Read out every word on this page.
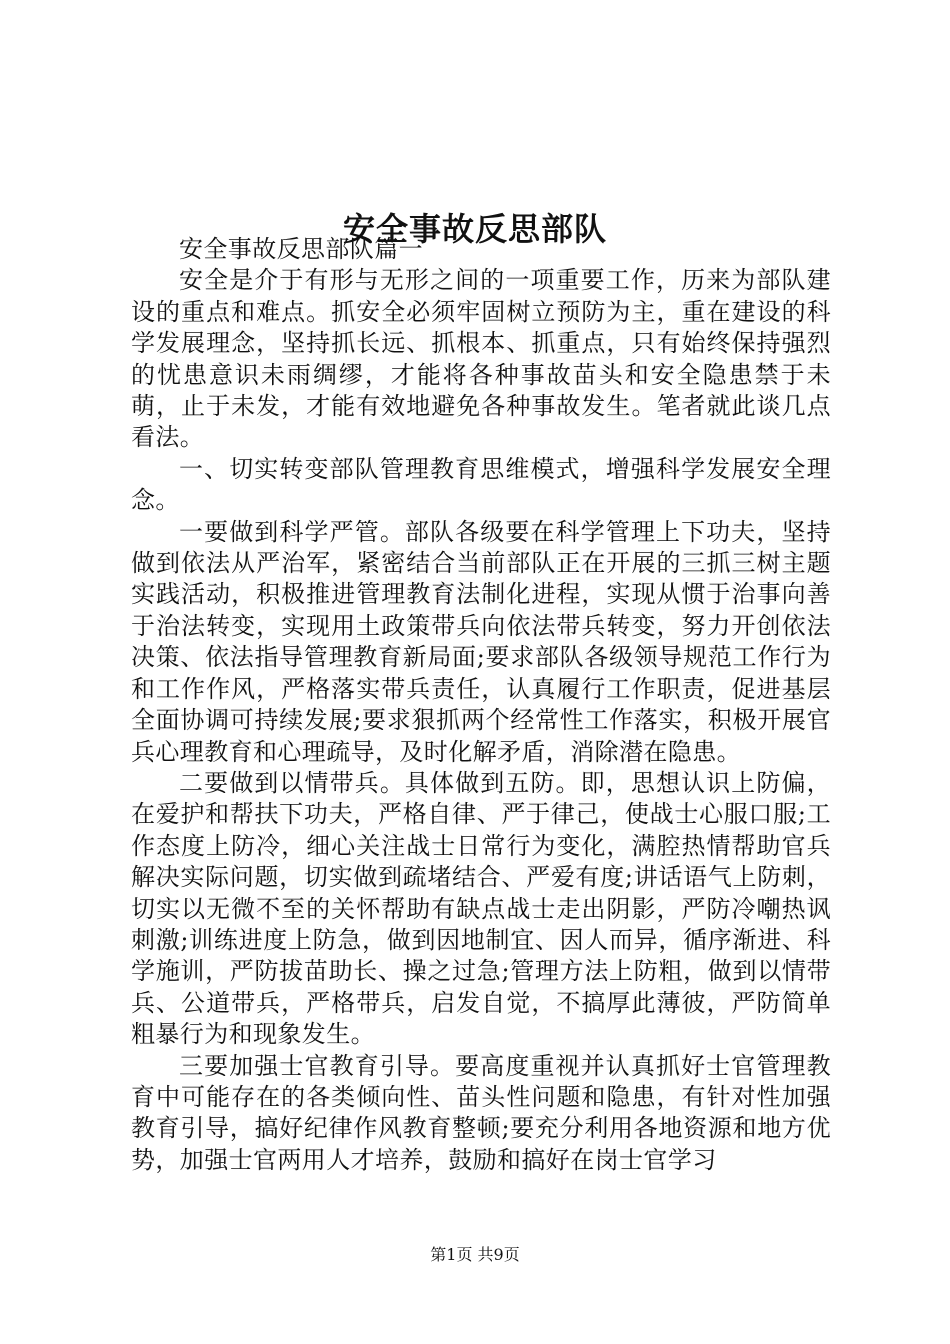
安全事故反思部队

安全事故反思部队篇一

安全是介于有形与无形之间的一项重要工作，历来为部队建设的重点和难点。抓安全必须牢固树立预防为主，重在建设的科学发展理念，坚持抓长远、抓根本、抓重点，只有始终保持强烈的忧患意识未雨绸缪，才能将各种事故苗头和安全隐患禁于未萌，止于未发，才能有效地避免各种事故发生。笔者就此谈几点看法。

一、切实转变部队管理教育思维模式，增强科学发展安全理念。

一要做到科学严管。部队各级要在科学管理上下功夫，坚持做到依法从严治军，紧密结合当前部队正在开展的三抓三树主题实践活动，积极推进管理教育法制化进程，实现从惯于治事向善于治法转变，实现用土政策带兵向依法带兵转变，努力开创依法决策、依法指导管理教育新局面;要求部队各级领导规范工作行为和工作作风，严格落实带兵责任，认真履行工作职责，促进基层全面协调可持续发展;要求狠抓两个经常性工作落实，积极开展官兵心理教育和心理疏导，及时化解矛盾，消除潜在隐患。

二要做到以情带兵。具体做到五防。即，思想认识上防偏，在爱护和帮扶下功夫，严格自律、严于律己，使战士心服口服;工作态度上防冷，细心关注战士日常行为变化，满腔热情帮助官兵解决实际问题，切实做到疏堵结合、严爱有度;讲话语气上防刺，切实以无微不至的关怀帮助有缺点战士走出阴影，严防冷嘲热讽刺激;训练进度上防急，做到因地制宜、因人而异，循序渐进、科学施训，严防拔苗助长、操之过急;管理方法上防粗，做到以情带兵、公道带兵，严格带兵，启发自觉，不搞厚此薄彼，严防简单粗暴行为和现象发生。

三要加强士官教育引导。要高度重视并认真抓好士官管理教育中可能存在的各类倾向性、苗头性问题和隐患，有针对性加强教育引导，搞好纪律作风教育整顿;要充分利用各地资源和地方优势，加强士官两用人才培养，鼓励和搞好在岗士官学习

第1页 共9页
